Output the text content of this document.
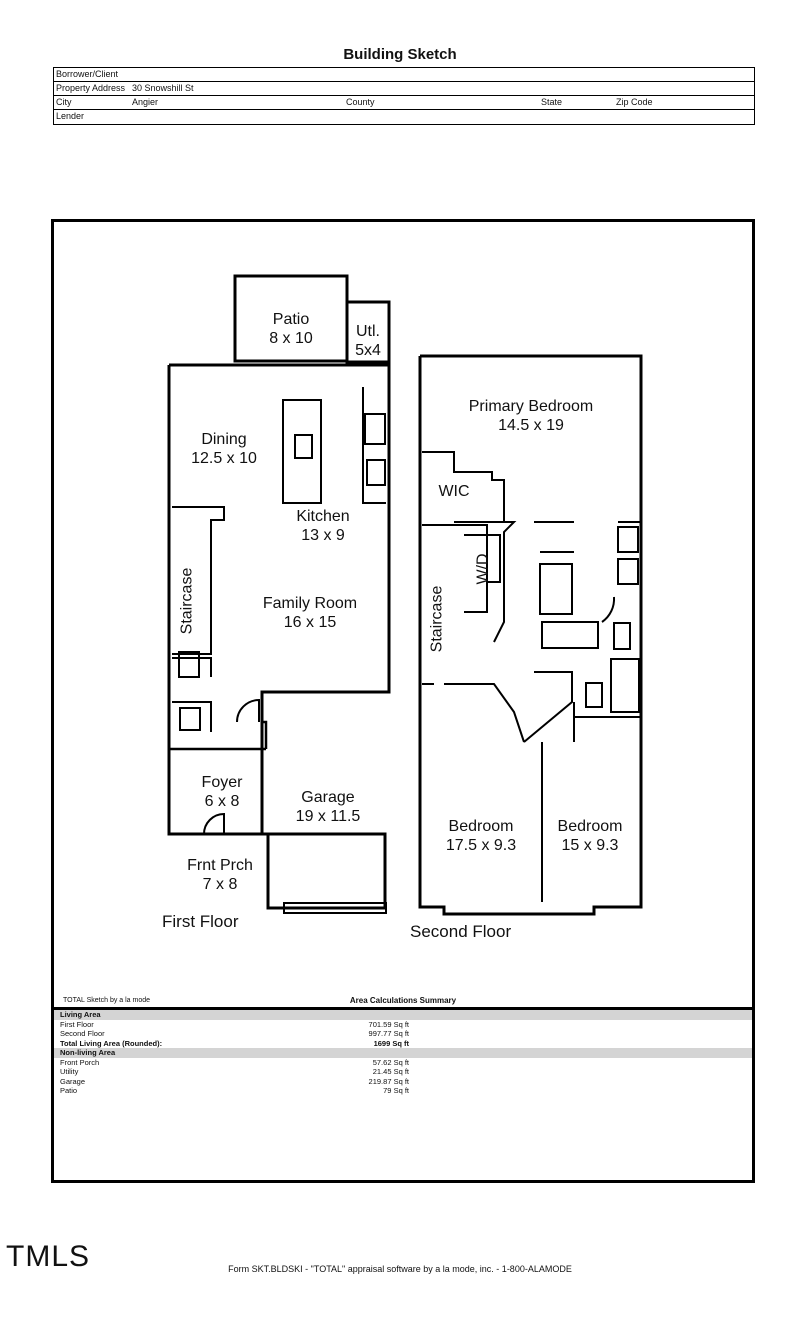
Building Sketch
Borrower/Client
Property Address 30 Snowshill St
City	Angier	County	State	Zip Code
Lender
Patio
8 x 10	Utl.
5x4
Dining
12.5 x 10
Kitchen
13 x 9
Family Room
16 x 15
Staircase
Foyer
6 x 8	Garage
19 x 11.5
Frnt Prch
7 x 8
Primary Bedroom
14.5 x 19
WIC
W/D
Staircase
Bedroom
17.5 x 9.3
Bedroom
15 x 9.3
First Floor
Second Floor
TOTAL Sketch by a la mode	Area Calculations Summary
Living Area
First Floor	701.59 Sq ft
Second Floor	997.77 Sq ft
Total Living Area (Rounded):	1699 Sq ft
Non-living Area
Front Porch	57.62 Sq ft
Utility	21.45 Sq ft
Garage	219.87 Sq ft
Patio	79 Sq ft
TMLS	Form SKT.BLDSKI - "TOTAL" appraisal software by a la mode, inc. - 1-800-ALAMODE
